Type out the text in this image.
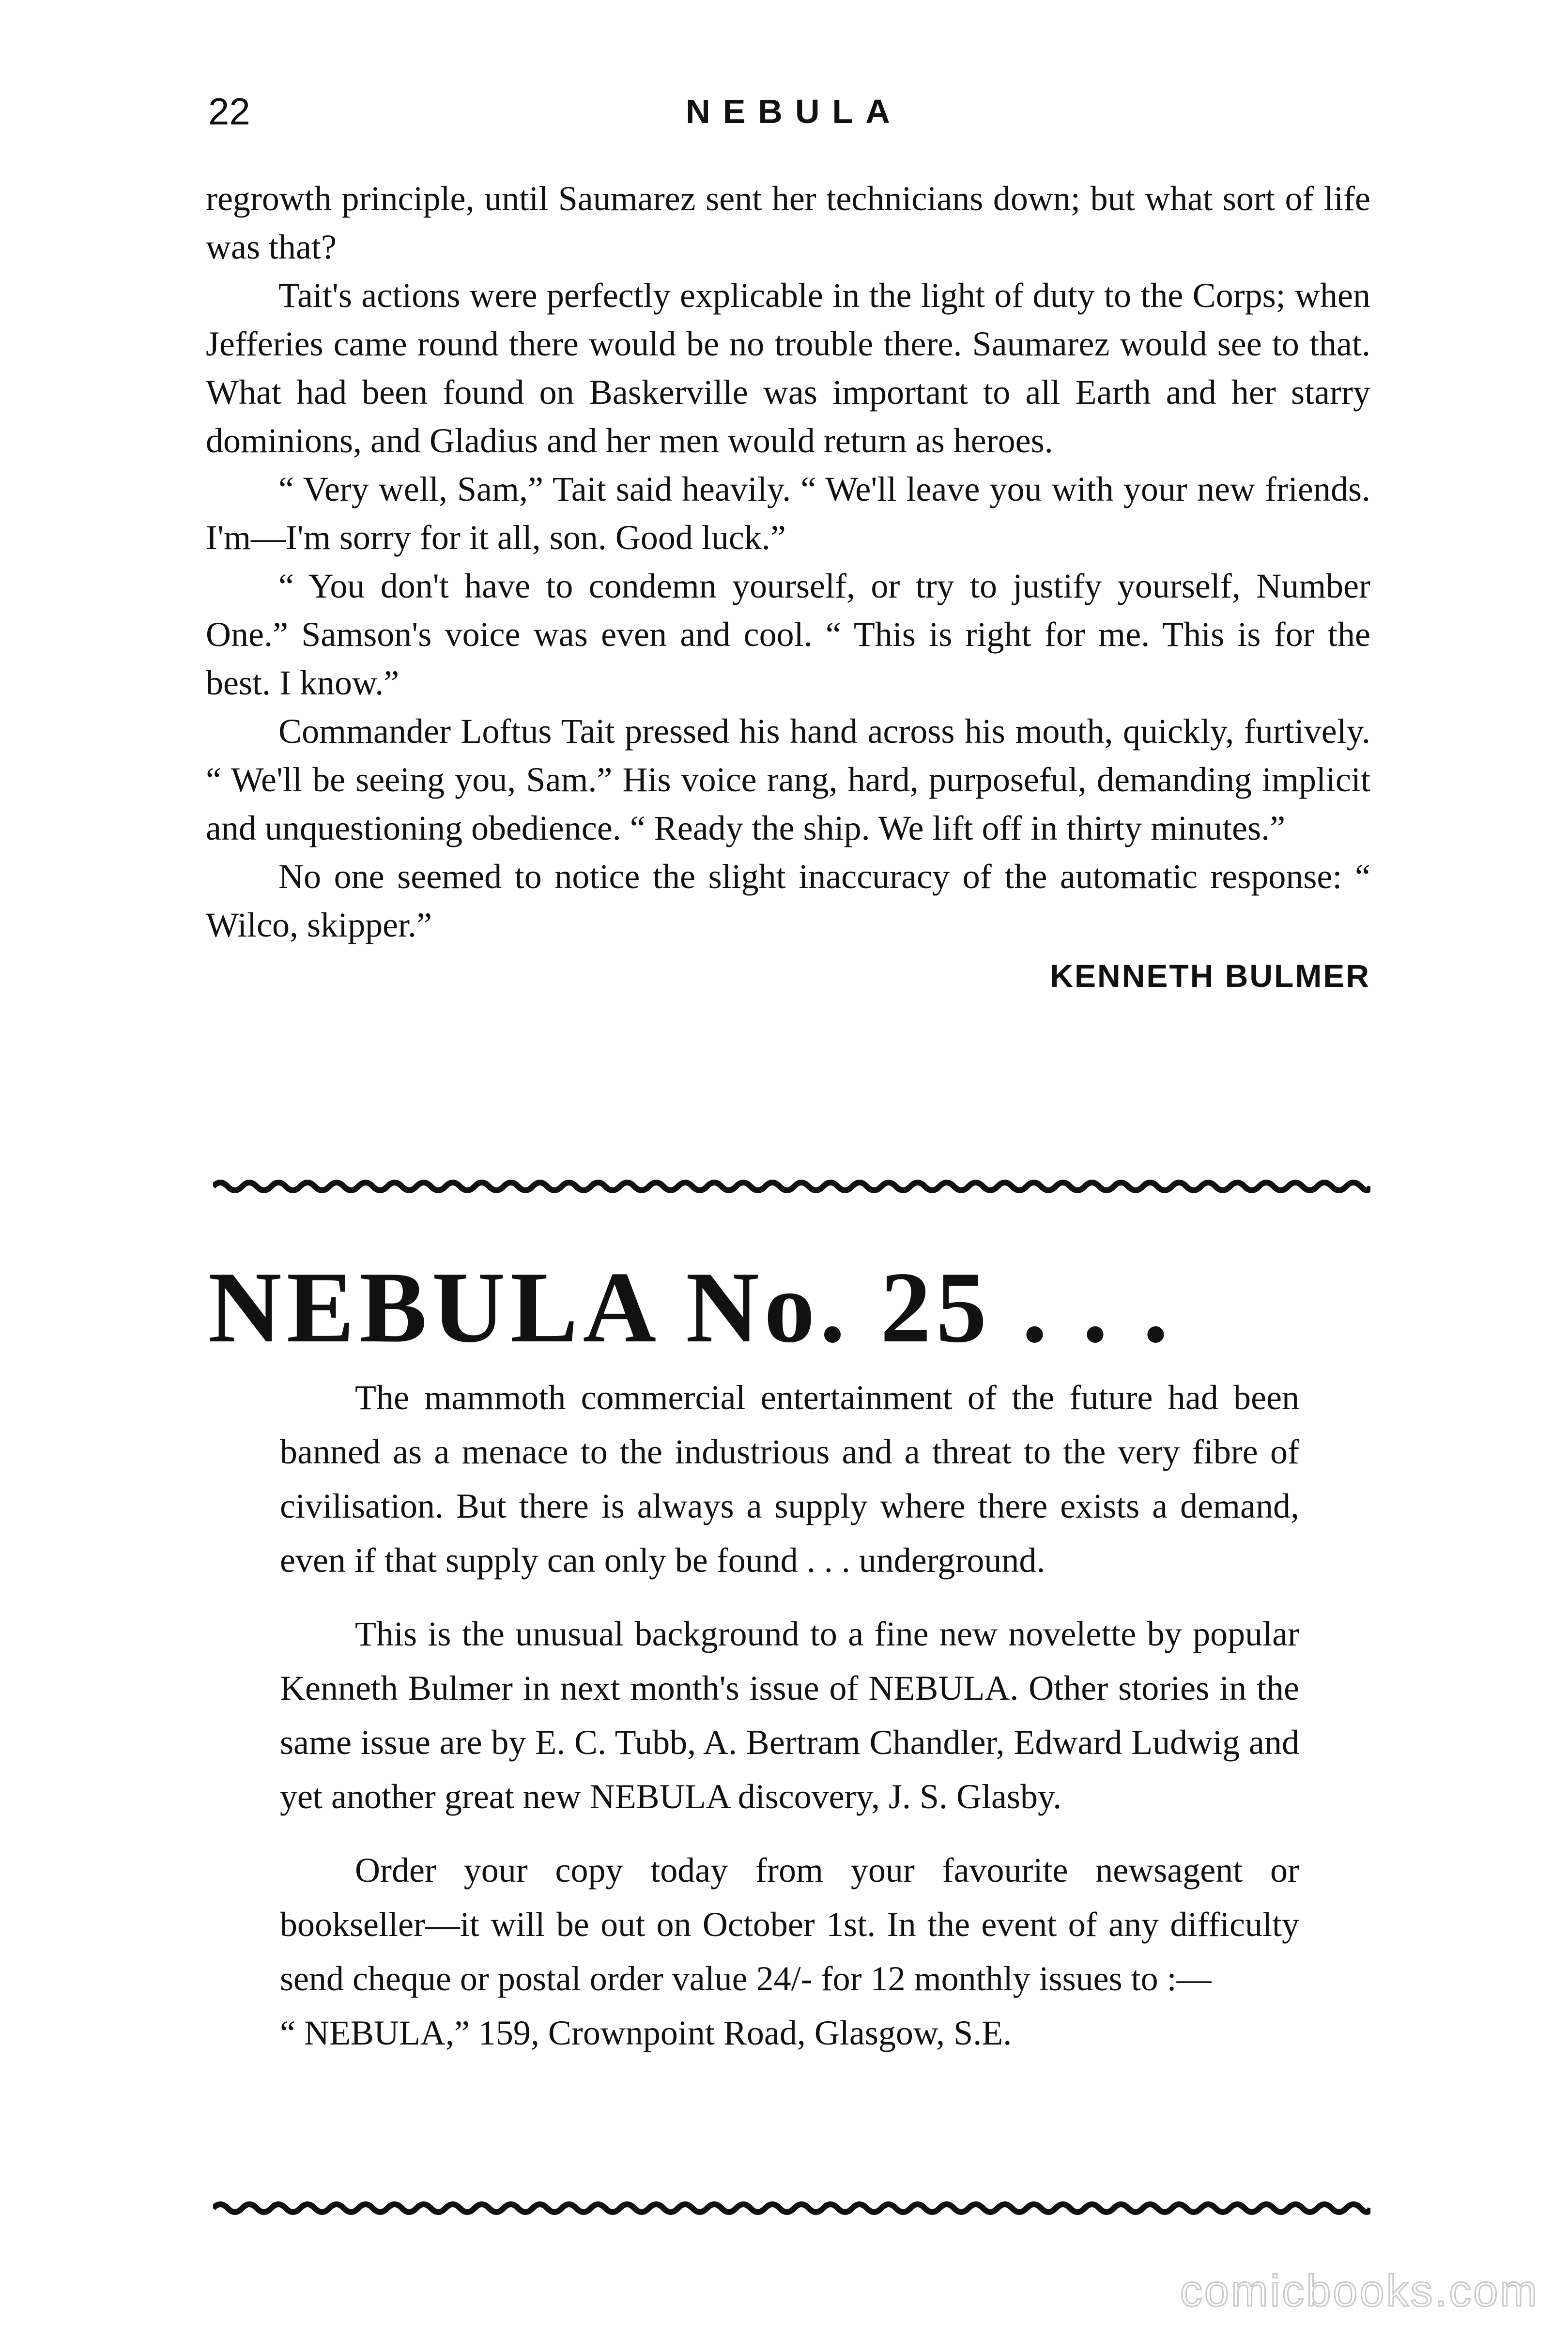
22	NEBULA

regrowth principle, until Saumarez sent her technicians down; but what sort of life was that?

Tait's actions were perfectly explicable in the light of duty to the Corps; when Jefferies came round there would be no trouble there. Saumarez would see to that. What had been found on Baskerville was important to all Earth and her starry dominions, and Gladius and her men would return as heroes.

“ Very well, Sam,” Tait said heavily. “ We'll leave you with your new friends. I'm—I'm sorry for it all, son. Good luck.”

“ You don't have to condemn yourself, or try to justify yourself, Number One.” Samson's voice was even and cool. “ This is right for me. This is for the best. I know.”

Commander Loftus Tait pressed his hand across his mouth, quickly, furtively. “ We'll be seeing you, Sam.” His voice rang, hard, purposeful, demanding implicit and unquestioning obedience. “ Ready the ship. We lift off in thirty minutes.”

No one seemed to notice the slight inaccuracy of the automatic response: “ Wilco, skipper.”

KENNETH BULMER
NEBULA No. 25 . . .

The mammoth commercial entertainment of the future had been banned as a menace to the industrious and a threat to the very fibre of civilisation. But there is always a supply where there exists a demand, even if that supply can only be found . . . underground.

This is the unusual background to a fine new novelette by popular Kenneth Bulmer in next month's issue of NEBULA. Other stories in the same issue are by E. C. Tubb, A. Bertram Chandler, Edward Ludwig and yet another great new NEBULA discovery, J. S. Glasby.

Order your copy today from your favourite newsagent or bookseller—it will be out on October 1st. In the event of any difficulty send cheque or postal order value 24/- for 12 monthly issues to :—

“ NEBULA,” 159, Crownpoint Road, Glasgow, S.E.

comicbooks.com
